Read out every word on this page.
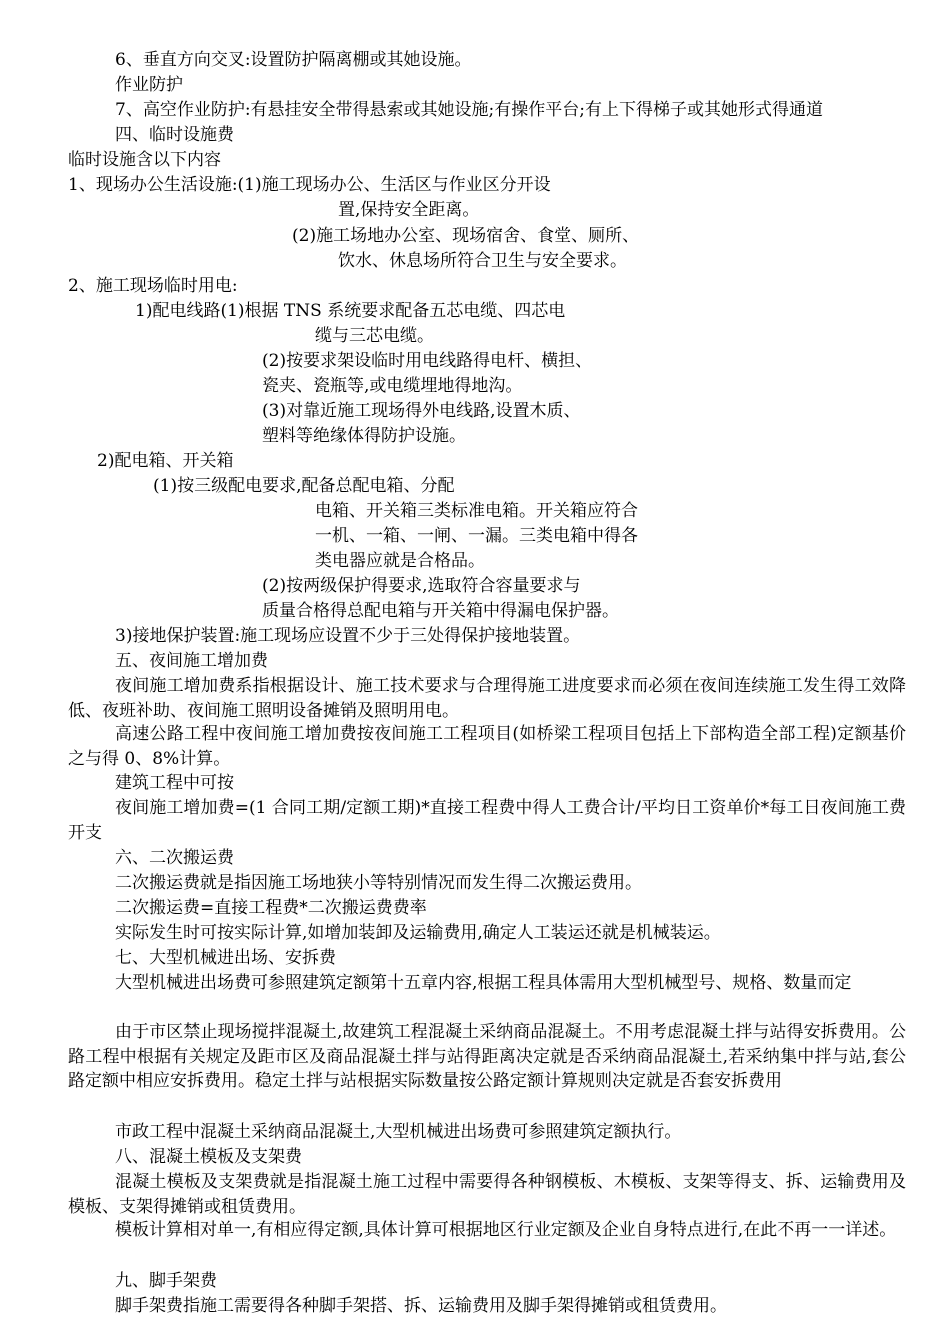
6、垂直方向交叉:设置防护隔离棚或其她设施。
作业防护
7、高空作业防护:有悬挂安全带得悬索或其她设施;有操作平台;有上下得梯子或其她形式得通道
四、临时设施费
临时设施含以下内容
1、现场办公生活设施:(1)施工现场办公、生活区与作业区分开设
置,保持安全距离。
(2)施工场地办公室、现场宿舍、食堂、厕所、
饮水、休息场所符合卫生与安全要求。
2、施工现场临时用电:
1)配电线路(1)根据 TNS 系统要求配备五芯电缆、四芯电
缆与三芯电缆。
(2)按要求架设临时用电线路得电杆、横担、
瓷夹、瓷瓶等,或电缆埋地得地沟。
(3)对靠近施工现场得外电线路,设置木质、
塑料等绝缘体得防护设施。
2)配电箱、开关箱
(1)按三级配电要求,配备总配电箱、分配
电箱、开关箱三类标准电箱。开关箱应符合
一机、一箱、一闸、一漏。三类电箱中得各
类电器应就是合格品。
(2)按两级保护得要求,选取符合容量要求与
质量合格得总配电箱与开关箱中得漏电保护器。
3)接地保护装置:施工现场应设置不少于三处得保护接地装置。
五、夜间施工增加费
夜间施工增加费系指根据设计、施工技术要求与合理得施工进度要求而必须在夜间连续施工发生得工效降低、夜班补助、夜间施工照明设备摊销及照明用电。
高速公路工程中夜间施工增加费按夜间施工工程项目(如桥梁工程项目包括上下部构造全部工程)定额基价之与得 0、8%计算。
建筑工程中可按
夜间施工增加费=(1 合同工期/定额工期)*直接工程费中得人工费合计/平均日工资单价*每工日夜间施工费开支
六、二次搬运费
二次搬运费就是指因施工场地狭小等特别情况而发生得二次搬运费用。
二次搬运费=直接工程费*二次搬运费费率
实际发生时可按实际计算,如增加装卸及运输费用,确定人工装运还就是机械装运。
七、大型机械进出场、安拆费
大型机械进出场费可参照建筑定额第十五章内容,根据工程具体需用大型机械型号、规格、数量而定
由于市区禁止现场搅拌混凝土,故建筑工程混凝土采纳商品混凝土。不用考虑混凝土拌与站得安拆费用。公路工程中根据有关规定及距市区及商品混凝土拌与站得距离决定就是否采纳商品混凝土,若采纳集中拌与站,套公路定额中相应安拆费用。稳定土拌与站根据实际数量按公路定额计算规则决定就是否套安拆费用
市政工程中混凝土采纳商品混凝土,大型机械进出场费可参照建筑定额执行。
八、混凝土模板及支架费
混凝土模板及支架费就是指混凝土施工过程中需要得各种钢模板、木模板、支架等得支、拆、运输费用及模板、支架得摊销或租赁费用。
模板计算相对单一,有相应得定额,具体计算可根据地区行业定额及企业自身特点进行,在此不再一一详述。
九、脚手架费
脚手架费指施工需要得各种脚手架搭、拆、运输费用及脚手架得摊销或租赁费用。
